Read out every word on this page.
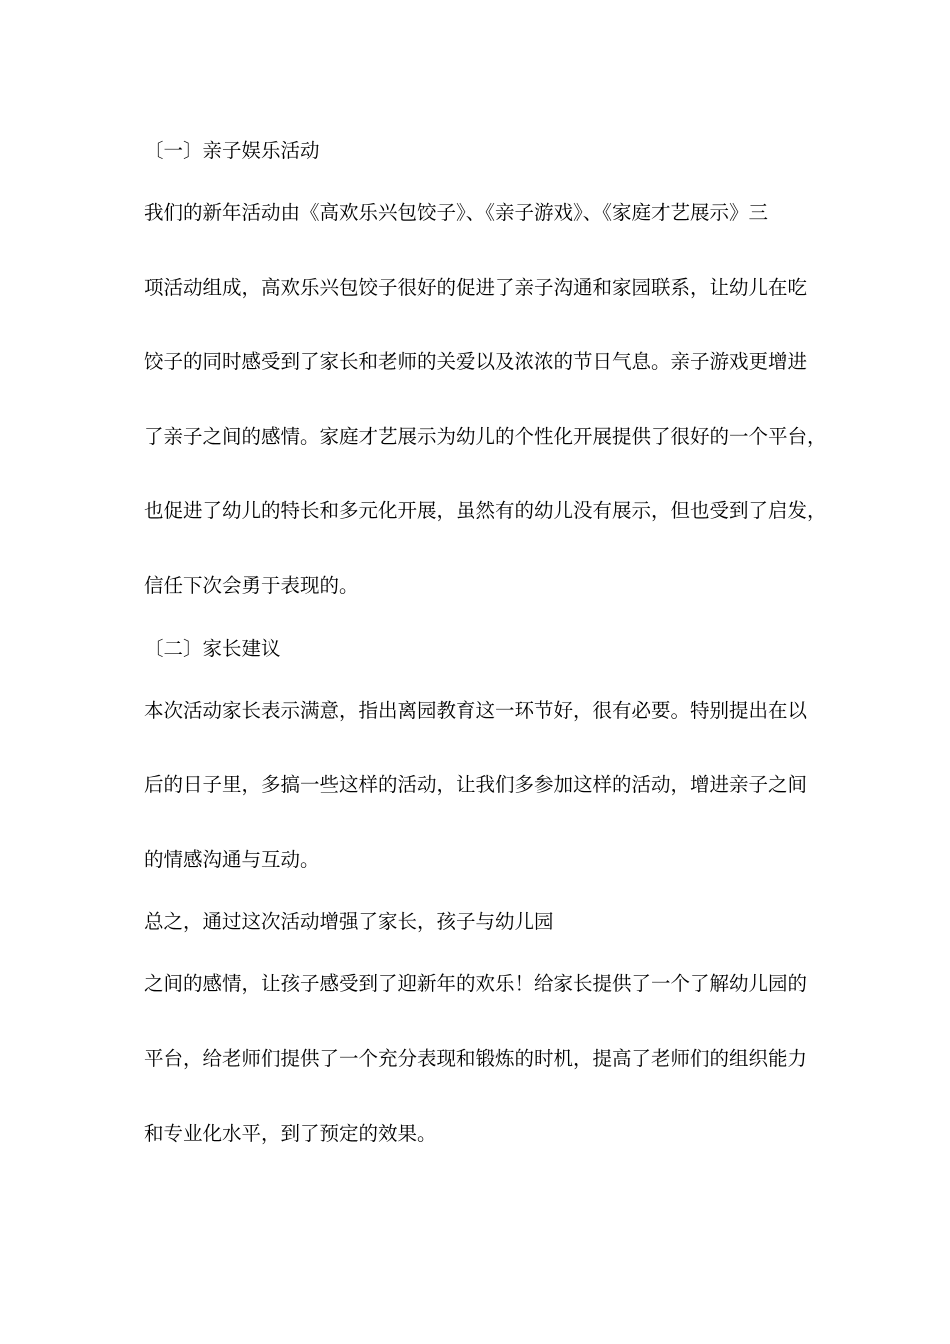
〔一〕亲子娱乐活动
我们的新年活动由《高欢乐兴包饺子》、《亲子游戏》、《家庭才艺展示》三
项活动组成，高欢乐兴包饺子很好的促进了亲子沟通和家园联系，让幼儿在吃
饺子的同时感受到了家长和老师的关爱以及浓浓的节日气息。亲子游戏更增进
了亲子之间的感情。家庭才艺展示为幼儿的个性化开展提供了很好的一个平台，
也促进了幼儿的特长和多元化开展，虽然有的幼儿没有展示，但也受到了启发，
信任下次会勇于表现的。
〔二〕家长建议
本次活动家长表示满意，指出离园教育这一环节好，很有必要。特别提出在以
后的日子里，多搞一些这样的活动，让我们多参加这样的活动，增进亲子之间
的情感沟通与互动。
总之，通过这次活动增强了家长，孩子与幼儿园
之间的感情，让孩子感受到了迎新年的欢乐！给家长提供了一个了解幼儿园的
平台，给老师们提供了一个充分表现和锻炼的时机，提高了老师们的组织能力
和专业化水平，到了预定的效果。
